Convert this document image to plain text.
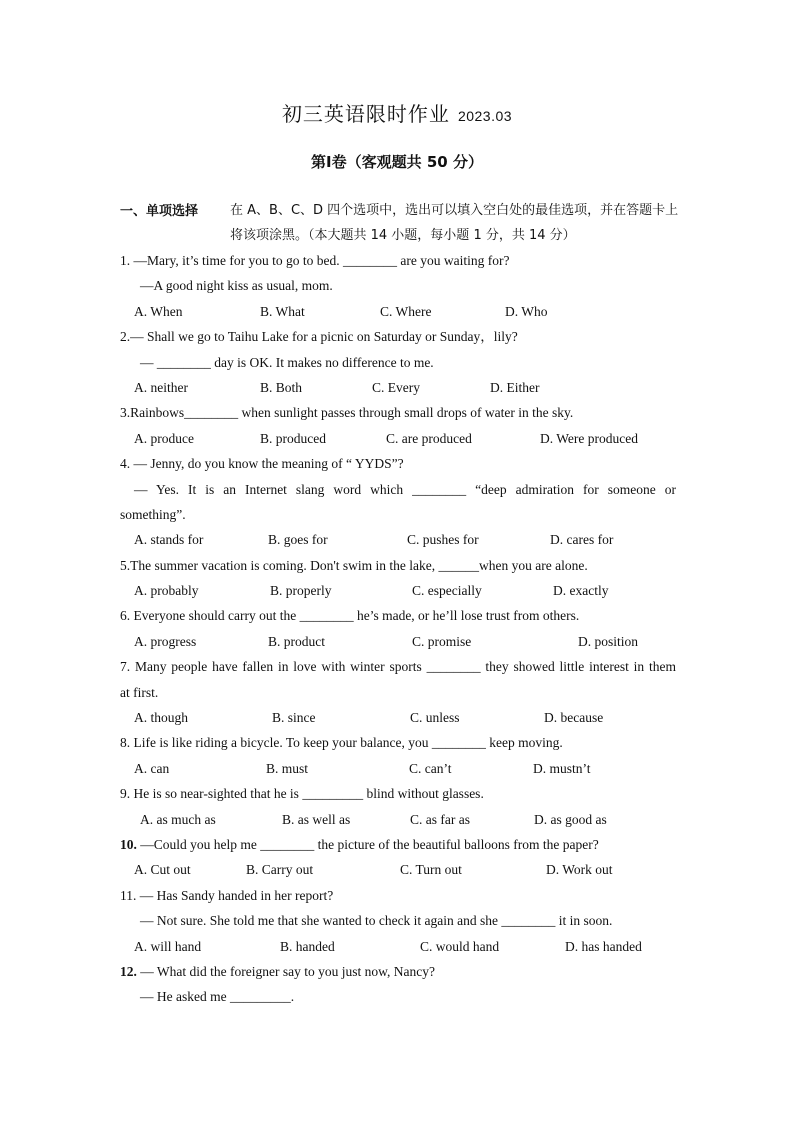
初三英语限时作业 2023.03
第Ⅰ卷（客观题共 50 分）
一、单项选择 在 A、B、C、D 四个选项中，选出可以填入空白处的最佳选项，并在答题卡上将该项涂黑。（本大题共 14 小题，每小题 1 分，共 14 分）
1. —Mary, it’s time for you to go to bed. ________ are you waiting for?
—A good night kiss as usual, mom.
A. When	B. What	C. Where	D. Who
2.— Shall we go to Taihu Lake for a picnic on Saturday or Sunday，lily?
— ________ day is OK. It makes no difference to me.
A. neither	B. Both	C. Every	D. Either
3.Rainbows________ when sunlight passes through small drops of water in the sky.
A. produce	B. produced	C. are produced	D. Were produced
4. — Jenny, do you know the meaning of “ YYDS”?
— Yes. It is an Internet slang word which ________ “deep admiration for someone or
something”.
A. stands for	B. goes for	C. pushes for	D. cares for
5.The summer vacation is coming. Don't swim in the lake, ______when you are alone.
A. probably	B. properly	C. especially	D. exactly
6. Everyone should carry out the ________ he’s made, or he’ll lose trust from others.
A. progress	B. product	C. promise	D. position
7. Many people have fallen in love with winter sports ________ they showed little interest in them
at first.
A. though	B. since	C. unless	D. because
8. Life is like riding a bicycle. To keep your balance, you ________ keep moving.
A. can	B. must	C. can’t	D. mustn’t
9. He is so near-sighted that he is _________ blind without glasses.
A. as much as	B. as well as	C. as far as	D. as good as
10. —Could you help me ________ the picture of the beautiful balloons from the paper?
A. Cut out	B. Carry out	C. Turn out	D. Work out
11. — Has Sandy handed in her report?
— Not sure. She told me that she wanted to check it again and she ________ it in soon.
A. will hand	B. handed	C. would hand	D. has handed
12. — What did the foreigner say to you just now, Nancy?
— He asked me _________.
